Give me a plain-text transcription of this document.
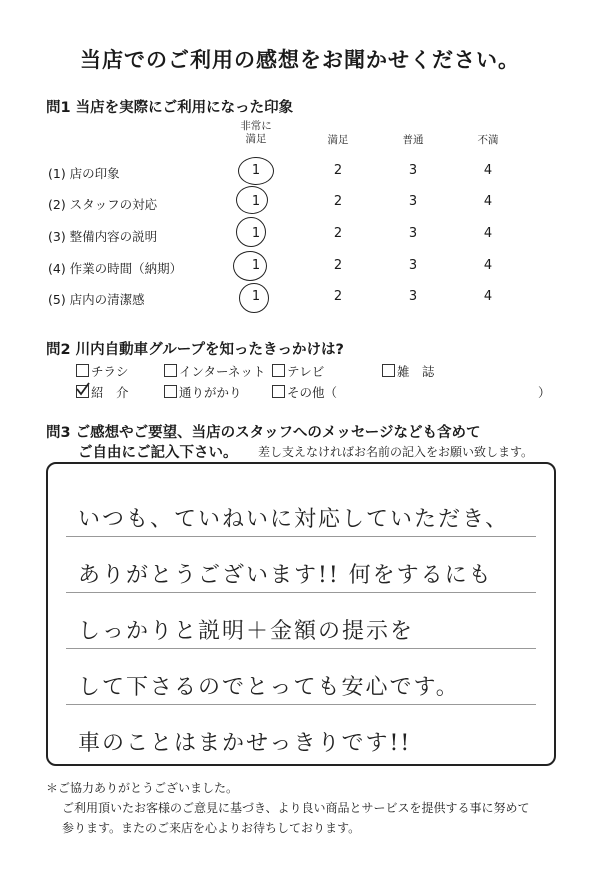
当店でのご利用の感想をお聞かせください。
問1 当店を実際にご利用になった印象
非常に
満足	満足	普通	不満
(1) 店の印象	1	2	3	4
(2) スタッフの対応	1	2	3	4
(3) 整備内容の説明	1	2	3	4
(4) 作業の時間（納期）	1	2	3	4
(5) 店内の清潔感	1	2	3	4
問2 川内自動車グループを知ったきっかけは?
チラシ	インターネット	テレビ	雑　誌
紹　介	通りがかり	その他（	）
問3 ご感想やご要望、当店のスタッフへのメッセージなども含めて
ご自由にご記入下さい。 差し支えなければお名前の記入をお願い致します。
いつも、ていねいに対応していただき、
ありがとうございます!! 何をするにも
しっかりと説明＋金額の提示を
して下さるのでとっても安心です。
車のことはまかせっきりです!!
＊ご協力ありがとうございました。
ご利用頂いたお客様のご意見に基づき、より良い商品とサービスを提供する事に努めて
参ります。またのご来店を心よりお待ちしております。
